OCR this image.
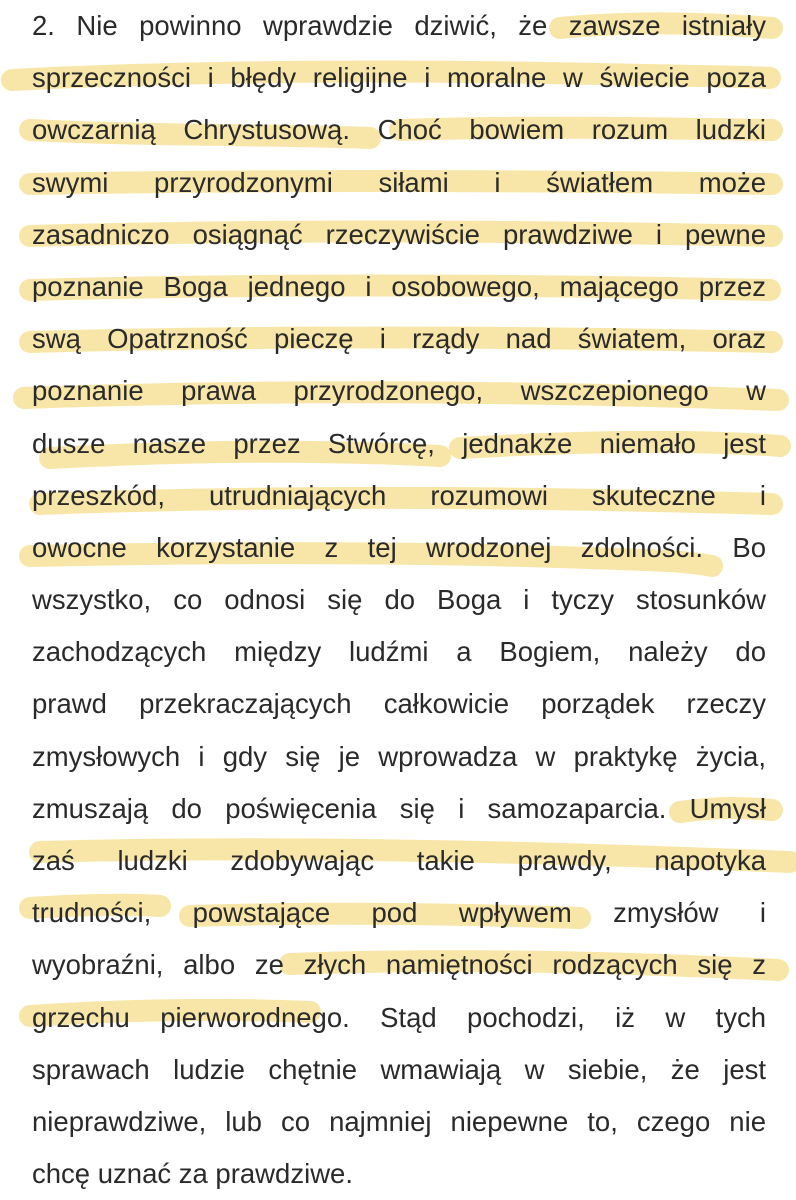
2. Nie powinno wprawdzie dziwić, że zawsze istniały
sprzeczności i błędy religijne i moralne w świecie poza
owczarnią Chrystusową. Choć bowiem rozum ludzki
swymi przyrodzonymi siłami i światłem może
zasadniczo osiągnąć rzeczywiście prawdziwe i pewne
poznanie Boga jednego i osobowego, mającego przez
swą Opatrzność pieczę i rządy nad światem, oraz
poznanie prawa przyrodzonego, wszczepionego w
dusze nasze przez Stwórcę, jednakże niemało jest
przeszkód, utrudniających rozumowi skuteczne i
owocne korzystanie z tej wrodzonej zdolności. Bo
wszystko, co odnosi się do Boga i tyczy stosunków
zachodzących między ludźmi a Bogiem, należy do
prawd przekraczających całkowicie porządek rzeczy
zmysłowych i gdy się je wprowadza w praktykę życia,
zmuszają do poświęcenia się i samozaparcia. Umysł
zaś ludzki zdobywając takie prawdy, napotyka
trudności, powstające pod wpływem zmysłów i
wyobraźni, albo ze złych namiętności rodzących się z
grzechu pierworodnego. Stąd pochodzi, iż w tych
sprawach ludzie chętnie wmawiają w siebie, że jest
nieprawdziwe, lub co najmniej niepewne to, czego nie
chcę uznać za prawdziwe.
